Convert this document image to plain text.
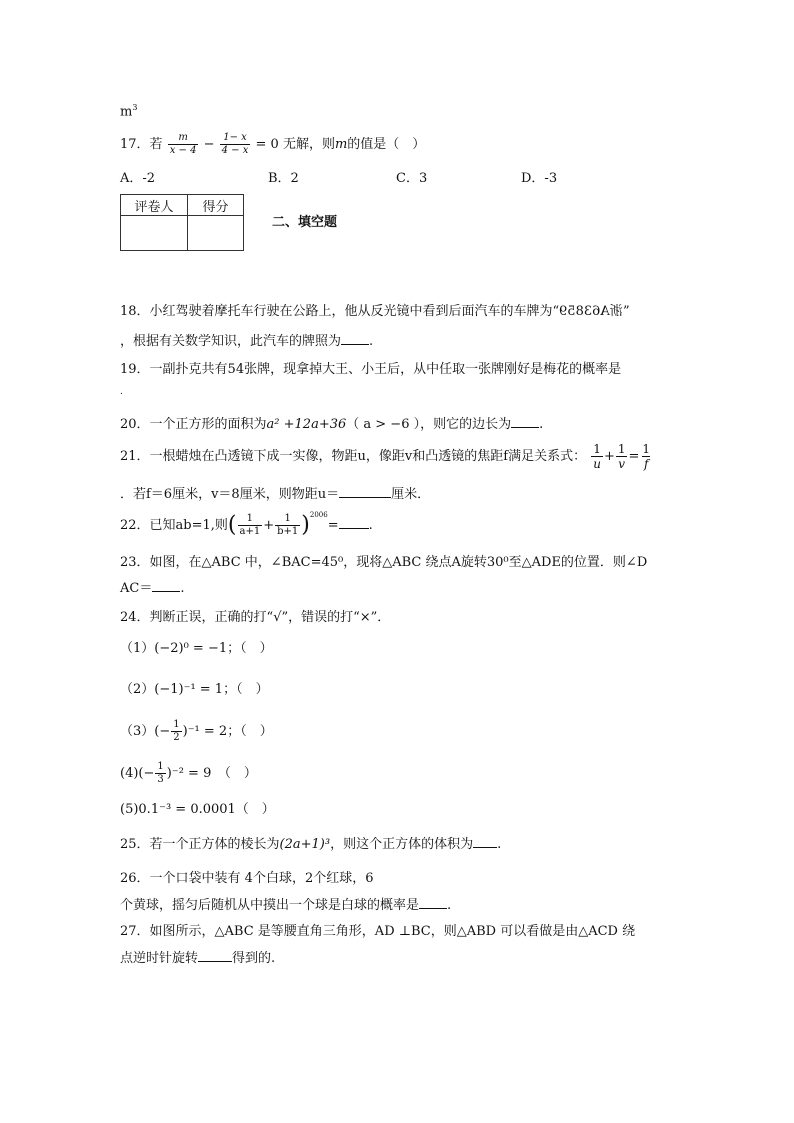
$m^3$
17．若 $\frac{m}{x - 4} - \frac{1- x}{4 - x} = 0$ 无解，则m的值是（　）
A．-2	B．2	C．3	D．-3
评卷人	得分

二、填空题
18．小红驾驶着摩托车行驶在公路上，他从反光镜中看到后面汽车的车牌为“浙A63859”
，根据有关数学知识，此汽车的牌照为 .
19．一副扑克共有54张牌，现拿掉大王、小王后，从中任取一张牌刚好是梅花的概率是
.
20．一个正方形的面积为a² +12a+36（ a > −6 ），则它的边长为 .
21．一根蜡烛在凸透镜下成一实像，物距u，像距v和凸透镜的焦距f满足关系式： $\frac{1}{u} + \frac{1}{v} = \frac{1}{f}$
．若f＝6厘米，v＝8厘米，则物距u＝	厘米．
22．已知ab=1,则( $\frac{1}{a+1} + \frac{1}{b+1} )^{2006}=$ .
23．如图，在△ABC 中，∠BAC=45⁰，现将△ABC 绕点A旋转30⁰至△ADE的位置．则∠D
AC＝ .
24．判断正误，正确的打“√”，错误的打“×”．
（1）(−2)⁰ = −1；（　）
（2）(−1)⁻¹ = 1；（　）
$(3)(- \frac{1}{2} )^{-1} = 2$；（　）
$(4)(- \frac{1}{3} )^{-2} = 9$　（　）
(5)0.1⁻³ = 0.0001（　）
25．若一个正方体的棱长为(2a+1)³，则这个正方体的体积为 .
26．一个口袋中装有 4个白球，2个红球，6
个黄球，摇匀后随机从中摸出一个球是白球的概率是 .
27．如图所示，△ABC 是等腰直角三角形，AD ⊥BC，则△ABD 可以看做是由△ACD 绕
点逆时针旋转	得到的.
